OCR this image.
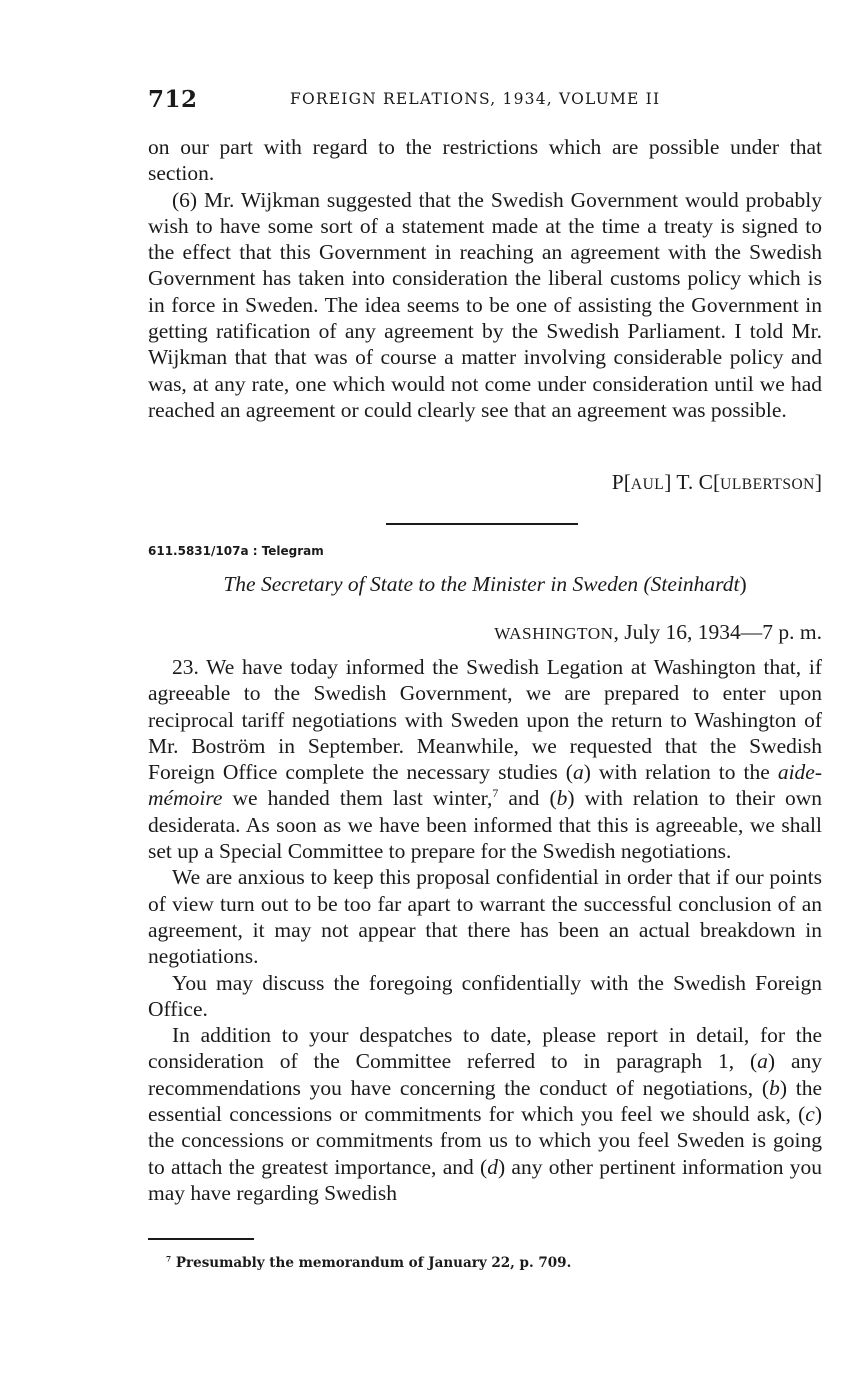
712	FOREIGN RELATIONS, 1934, VOLUME II

on our part with regard to the restrictions which are possible under that section.

(6) Mr. Wijkman suggested that the Swedish Government would probably wish to have some sort of a statement made at the time a treaty is signed to the effect that this Government in reaching an agreement with the Swedish Government has taken into consideration the liberal customs policy which is in force in Sweden. The idea seems to be one of assisting the Government in getting ratification of any agreement by the Swedish Parliament. I told Mr. Wijkman that that was of course a matter involving considerable policy and was, at any rate, one which would not come under consideration until we had reached an agreement or could clearly see that an agreement was possible.

P[AUL] T. C[ULBERTSON]
611.5831/107a : Telegram
The Secretary of State to the Minister in Sweden (Steinhardt)
WASHINGTON, July 16, 1934—7 p. m.

23. We have today informed the Swedish Legation at Washington that, if agreeable to the Swedish Government, we are prepared to enter upon reciprocal tariff negotiations with Sweden upon the return to Washington of Mr. Boström in September. Meanwhile, we requested that the Swedish Foreign Office complete the necessary studies (a) with relation to the aide-mémoire we handed them last winter,$^7$ and (b) with relation to their own desiderata. As soon as we have been informed that this is agreeable, we shall set up a Special Committee to prepare for the Swedish negotiations.

We are anxious to keep this proposal confidential in order that if our points of view turn out to be too far apart to warrant the successful conclusion of an agreement, it may not appear that there has been an actual breakdown in negotiations.

You may discuss the foregoing confidentially with the Swedish Foreign Office.

In addition to your despatches to date, please report in detail, for the consideration of the Committee referred to in paragraph 1, (a) any recommendations you have concerning the conduct of negotiations, (b) the essential concessions or commitments for which you feel we should ask, (c) the concessions or commitments from us to which you feel Sweden is going to attach the greatest importance, and (d) any other pertinent information you may have regarding Swedish

$^7$ Presumably the memorandum of January 22, p. 709.
